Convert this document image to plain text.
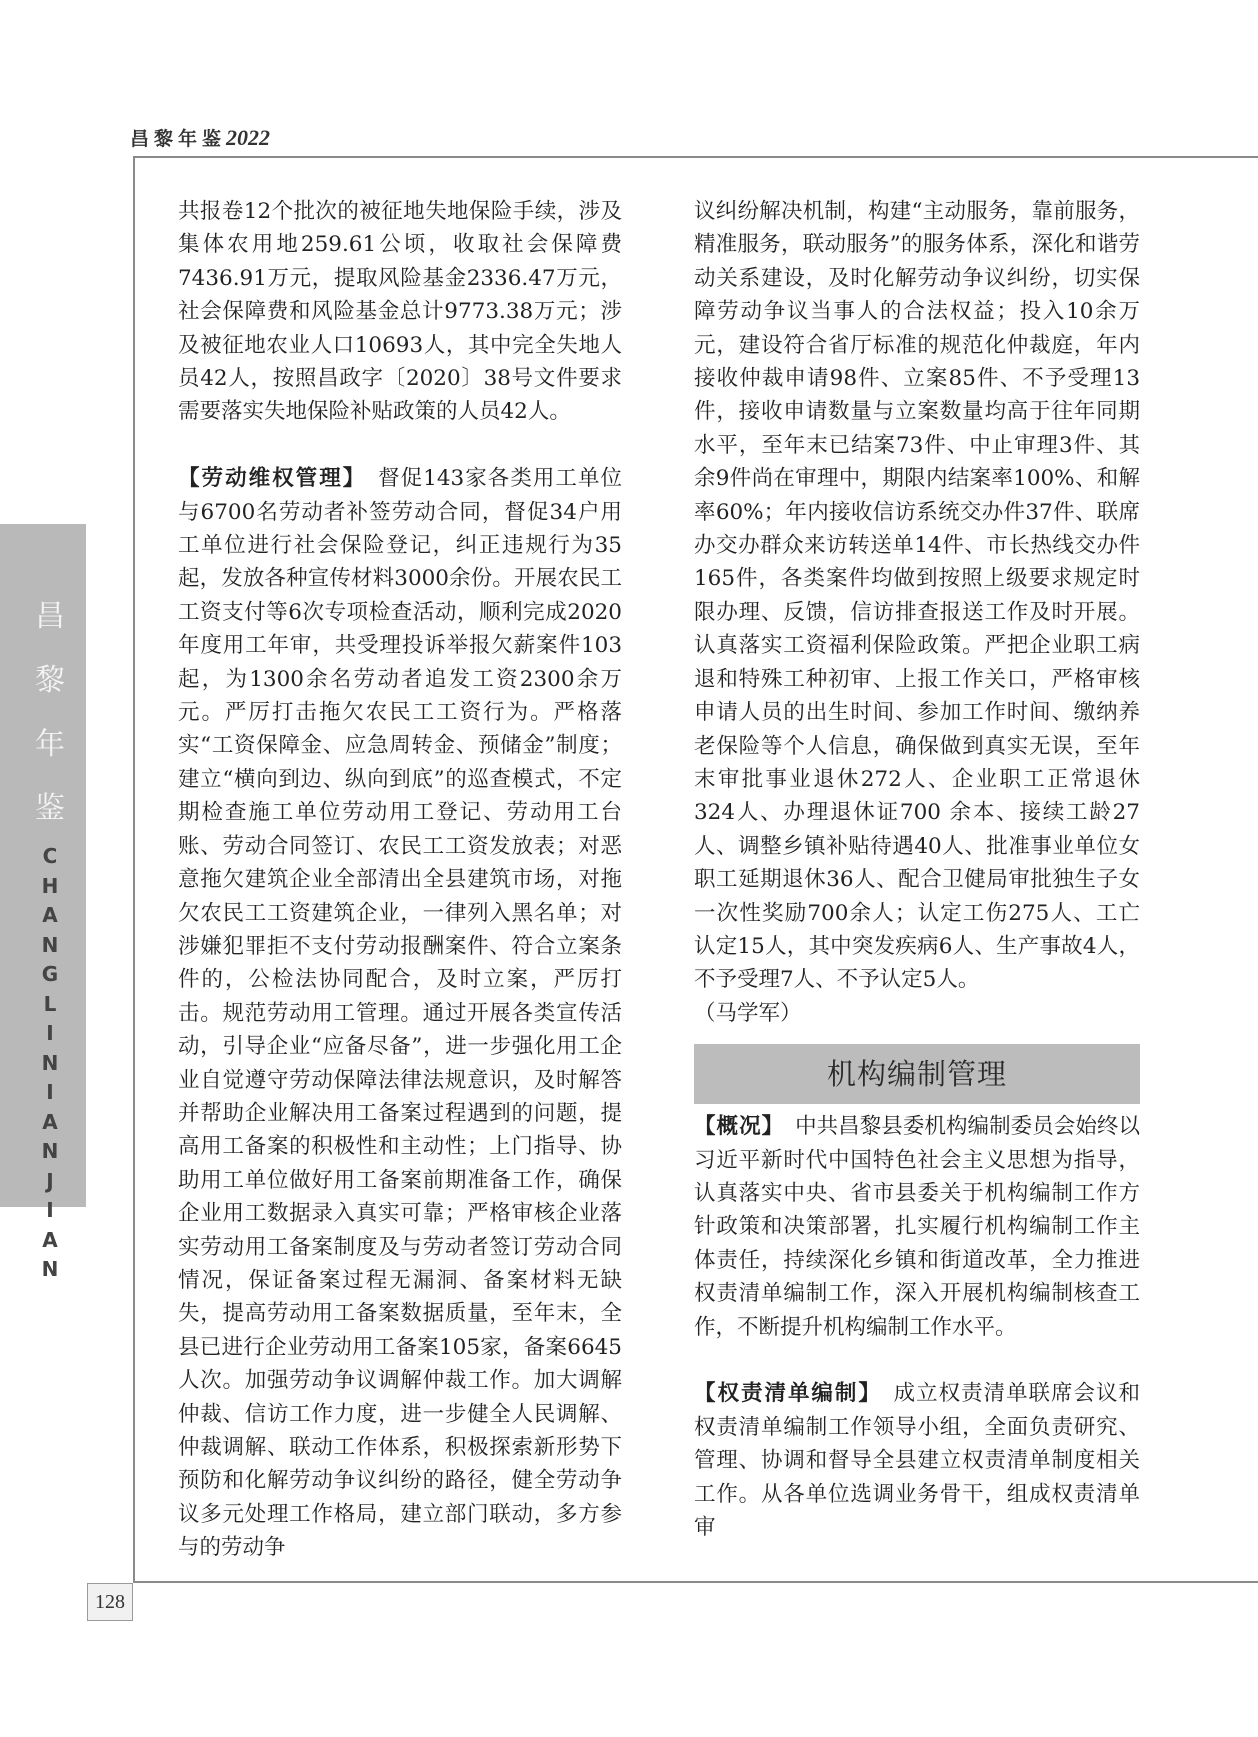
昌黎年鉴2022
昌
黎
年
鉴
C
H
A
N
G
L
I
N
I
A
N
J
I
A
N

共报卷12个批次的被征地失地保险手续，涉及集体农用地259.61公顷，收取社会保障费7436.91万元，提取风险基金2336.47万元，社会保障费和风险基金总计9773.38万元；涉及被征地农业人口10693人，其中完全失地人员42人，按照昌政字〔2020〕38号文件要求需要落实失地保险补贴政策的人员42人。

【劳动维权管理】　 督促143家各类用工单位与6700名劳动者补签劳动合同，督促34户用工单位进行社会保险登记，纠正违规行为35起，发放各种宣传材料3000余份。开展农民工工资支付等6次专项检查活动，顺利完成2020年度用工年审，共受理投诉举报欠薪案件103起，为1300余名劳动者追发工资2300余万元。严厉打击拖欠农民工工资行为。严格落实“工资保障金、应急周转金、预储金”制度；建立“横向到边、纵向到底”的巡查模式，不定期检查施工单位劳动用工登记、劳动用工台账、劳动合同签订、农民工工资发放表；对恶意拖欠建筑企业全部清出全县建筑市场，对拖欠农民工工资建筑企业，一律列入黑名单；对涉嫌犯罪拒不支付劳动报酬案件、符合立案条件的，公检法协同配合，及时立案，严厉打击。规范劳动用工管理。通过开展各类宣传活动，引导企业“应备尽备”，进一步强化用工企业自觉遵守劳动保障法律法规意识，及时解答并帮助企业解决用工备案过程遇到的问题，提高用工备案的积极性和主动性；上门指导、协助用工单位做好用工备案前期准备工作，确保企业用工数据录入真实可靠；严格审核企业落实劳动用工备案制度及与劳动者签订劳动合同情况，保证备案过程无漏洞、备案材料无缺失，提高劳动用工备案数据质量，至年末，全县已进行企业劳动用工备案105家，备案6645人次。加强劳动争议调解仲裁工作。加大调解仲裁、信访工作力度，进一步健全人民调解、仲裁调解、联动工作体系，积极探索新形势下预防和化解劳动争议纠纷的路径，健全劳动争议多元处理工作格局，建立部门联动，多方参与的劳动争

议纠纷解决机制，构建“主动服务，靠前服务，精准服务，联动服务”的服务体系，深化和谐劳动关系建设，及时化解劳动争议纠纷，切实保障劳动争议当事人的合法权益；投入10余万元，建设符合省厅标准的规范化仲裁庭，年内接收仲裁申请98件、立案85件、不予受理13件，接收申请数量与立案数量均高于往年同期水平，至年末已结案73件、中止审理3件、其余9件尚在审理中，期限内结案率100%、和解率60%；年内接收信访系统交办件37件、联席办交办群众来访转送单14件、市长热线交办件165件，各类案件均做到按照上级要求规定时限办理、反馈，信访排查报送工作及时开展。认真落实工资福利保险政策。严把企业职工病退和特殊工种初审、上报工作关口，严格审核申请人员的出生时间、参加工作时间、缴纳养老保险等个人信息，确保做到真实无误，至年末审批事业退休272人、企业职工正常退休324人、办理退休证700 余本、接续工龄27人、调整乡镇补贴待遇40人、批准事业单位女职工延期退休36人、配合卫健局审批独生子女一次性奖励700余人；认定工伤275人、工亡认定15人，其中突发疾病6人、生产事故4人，不予受理7人、不予认定5人。

（马学军）

机构编制管理

【概况】　 中共昌黎县委机构编制委员会始终以习近平新时代中国特色社会主义思想为指导，认真落实中央、省市县委关于机构编制工作方针政策和决策部署，扎实履行机构编制工作主体责任，持续深化乡镇和街道改革，全力推进权责清单编制工作，深入开展机构编制核查工作，不断提升机构编制工作水平。

【权责清单编制】　 成立权责清单联席会议和权责清单编制工作领导小组，全面负责研究、管理、协调和督导全县建立权责清单制度相关工作。从各单位选调业务骨干，组成权责清单审

128
